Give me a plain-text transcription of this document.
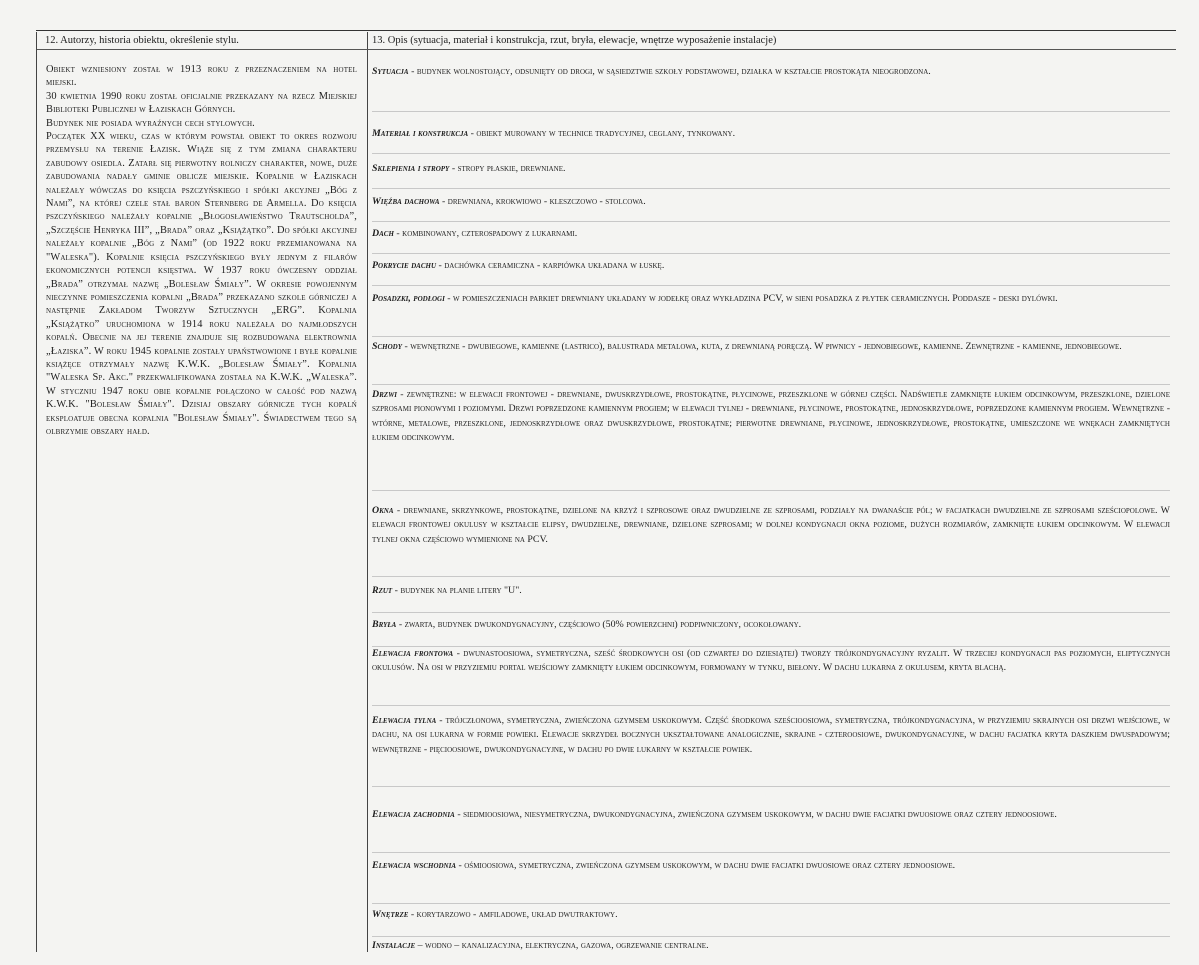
12. Autorzy, historia obiektu, określenie stylu.

Obiekt wzniesiony został w 1913 roku z przeznaczeniem na hotel miejski.

30 kwietnia 1990 roku został oficjalnie przekazany na rzecz Miejskiej Biblioteki Publicznej w Łaziskach Górnych.

Budynek nie posiada wyraźnych cech stylowych.

Początek XX wieku, czas w którym powstał obiekt to okres rozwoju przemysłu na terenie Łazisk. Wiąże się z tym zmiana charakteru zabudowy osiedla. Zatarł się pierwotny rolniczy charakter, nowe, duże zabudowania nadały gminie oblicze miejskie. Kopalnie w Łaziskach należały wówczas do księcia pszczyńskiego i spółki akcyjnej „Bóg z Nami”, na której czele stał baron Sternberg de Armella. Do księcia pszczyńskiego należały kopalnie „Błogosławieństwo Trautscholda”, „Szczęście Henryka III”, „Brada” oraz „Książątko”. Do spółki akcyjnej należały kopalnie „Bóg z Nami” (od 1922 roku przemianowana na "Waleska"). Kopalnie księcia pszczyńskiego były jednym z filarów ekonomicznych potencji księstwa. W 1937 roku ówczesny oddział „Brada” otrzymał nazwę „Bolesław Śmiały”. W okresie powojennym nieczynne pomieszczenia kopalni „Brada” przekazano szkole górniczej a następnie Zakładom Tworzyw Sztucznych „ERG”. Kopalnia „Książątko” uruchomiona w 1914 roku należała do najmłodszych kopalń. Obecnie na jej terenie znajduje się rozbudowana elektrownia „Łaziska”. W roku 1945 kopalnie zostały upaństwowione i byłe kopalnie książęce otrzymały nazwę K.W.K. „Bolesław Śmiały”. Kopalnia "Waleska Sp. Akc." przekwalifikowana została na K.W.K. „Waleska”. W styczniu 1947 roku obie kopalnie połączono w całość pod nazwą K.W.K. "Bolesław Śmiały". Dzisiaj obszary górnicze tych kopalń eksploatuje obecna kopalnia "Bolesław Śmiały". Świadectwem tego są olbrzymie obszary hałd.

13. Opis (sytuacja, materiał i konstrukcja, rzut, bryła, elewacje, wnętrze wyposażenie instalacje)
Sytuacja - budynek wolnostojący, odsunięty od drogi, w sąsiedztwie szkoły podstawowej, działka w kształcie prostokąta nieogrodzona.
Materiał i konstrukcja - obiekt murowany w technice tradycyjnej, ceglany, tynkowany.
Sklepienia i stropy - stropy płaskie, drewniane.
Więźba dachowa - drewniana, krokwiowo - kleszczowo - stolcowa.
Dach - kombinowany, czterospadowy z lukarnami.
Pokrycie dachu - dachówka ceramiczna - karpiówka układana w łuskę.
Posadzki, podłogi - w pomieszczeniach parkiet drewniany układany w jodełkę oraz wykładzina PCV, w sieni posadzka z płytek ceramicznych. Poddasze - deski dylówki.
Schody - wewnętrzne - dwubiegowe, kamienne (lastrico), balustrada metalowa, kuta, z drewnianą poręczą. W piwnicy - jednobiegowe, kamienne. Zewnętrzne - kamienne, jednobiegowe.
Drzwi - zewnętrzne: w elewacji frontowej - drewniane, dwuskrzydłowe, prostokątne, płycinowe, przeszklone w górnej części. Nadświetle zamknięte łukiem odcinkowym, przeszklone, dzielone szprosami pionowymi i poziomymi. Drzwi poprzedzone kamiennym progiem; w elewacji tylnej - drewniane, płycinowe, prostokątne, jednoskrzydłowe, poprzedzone kamiennym progiem. Wewnętrzne - wtórne, metalowe, przeszklone, jednoskrzydłowe oraz dwuskrzydłowe, prostokątne; pierwotne drewniane, płycinowe, jednoskrzydłowe, prostokątne, umieszczone we wnękach zamkniętych łukiem odcinkowym.
Okna - drewniane, skrzynkowe, prostokątne, dzielone na krzyż i szprosowe oraz dwudzielne ze szprosami, podziały na dwanaście pól; w facjatkach dwudzielne ze szprosami sześciopolowe. W elewacji frontowej okulusy w kształcie elipsy, dwudzielne, drewniane, dzielone szprosami; w dolnej kondygnacji okna poziome, dużych rozmiarów, zamknięte łukiem odcinkowym. W elewacji tylnej okna częściowo wymienione na PCV.
Rzut - budynek na planie litery "U".
Bryła - zwarta, budynek dwukondygnacyjny, częściowo (50% powierzchni) podpiwniczony, ocokołowany.
Elewacja frontowa - dwunastoosiowa, symetryczna, sześć środkowych osi (od czwartej do dziesiątej) tworzy trójkondygnacyjny ryzalit. W trzeciej kondygnacji pas poziomych, eliptycznych okulusów. Na osi w przyziemiu portal wejściowy zamknięty łukiem odcinkowym, formowany w tynku, biełony. W dachu lukarna z okulusem, kryta blachą.
Elewacja tylna - trójczłonowa, symetryczna, zwieńczona gzymsem uskokowym. Część środkowa sześcioosiowa, symetryczna, trójkondygnacyjna, w przyziemiu skrajnych osi drzwi wejściowe, w dachu, na osi lukarna w formie powieki. Elewacje skrzydeł bocznych ukształtowane analogicznie, skrajne - czteroosiowe, dwukondygnacyjne, w dachu facjatka kryta daszkiem dwuspadowym; wewnętrzne - pięcioosiowe, dwukondygnacyjne, w dachu po dwie lukarny w kształcie powiek.
Elewacja zachodnia - siedmioosiowa, niesymetryczna, dwukondygnacyjna, zwieńczona gzymsem uskokowym, w dachu dwie facjatki dwuosiowe oraz cztery jednoosiowe.
Elewacja wschodnia - ośmioosiowa, symetryczna, zwieńczona gzymsem uskokowym, w dachu dwie facjatki dwuosiowe oraz cztery jednoosiowe.
Wnętrze - korytarzowo - amfiladowe, układ dwutraktowy.
Instalacje – wodno – kanalizacyjna, elektryczna, gazowa, ogrzewanie centralne.
